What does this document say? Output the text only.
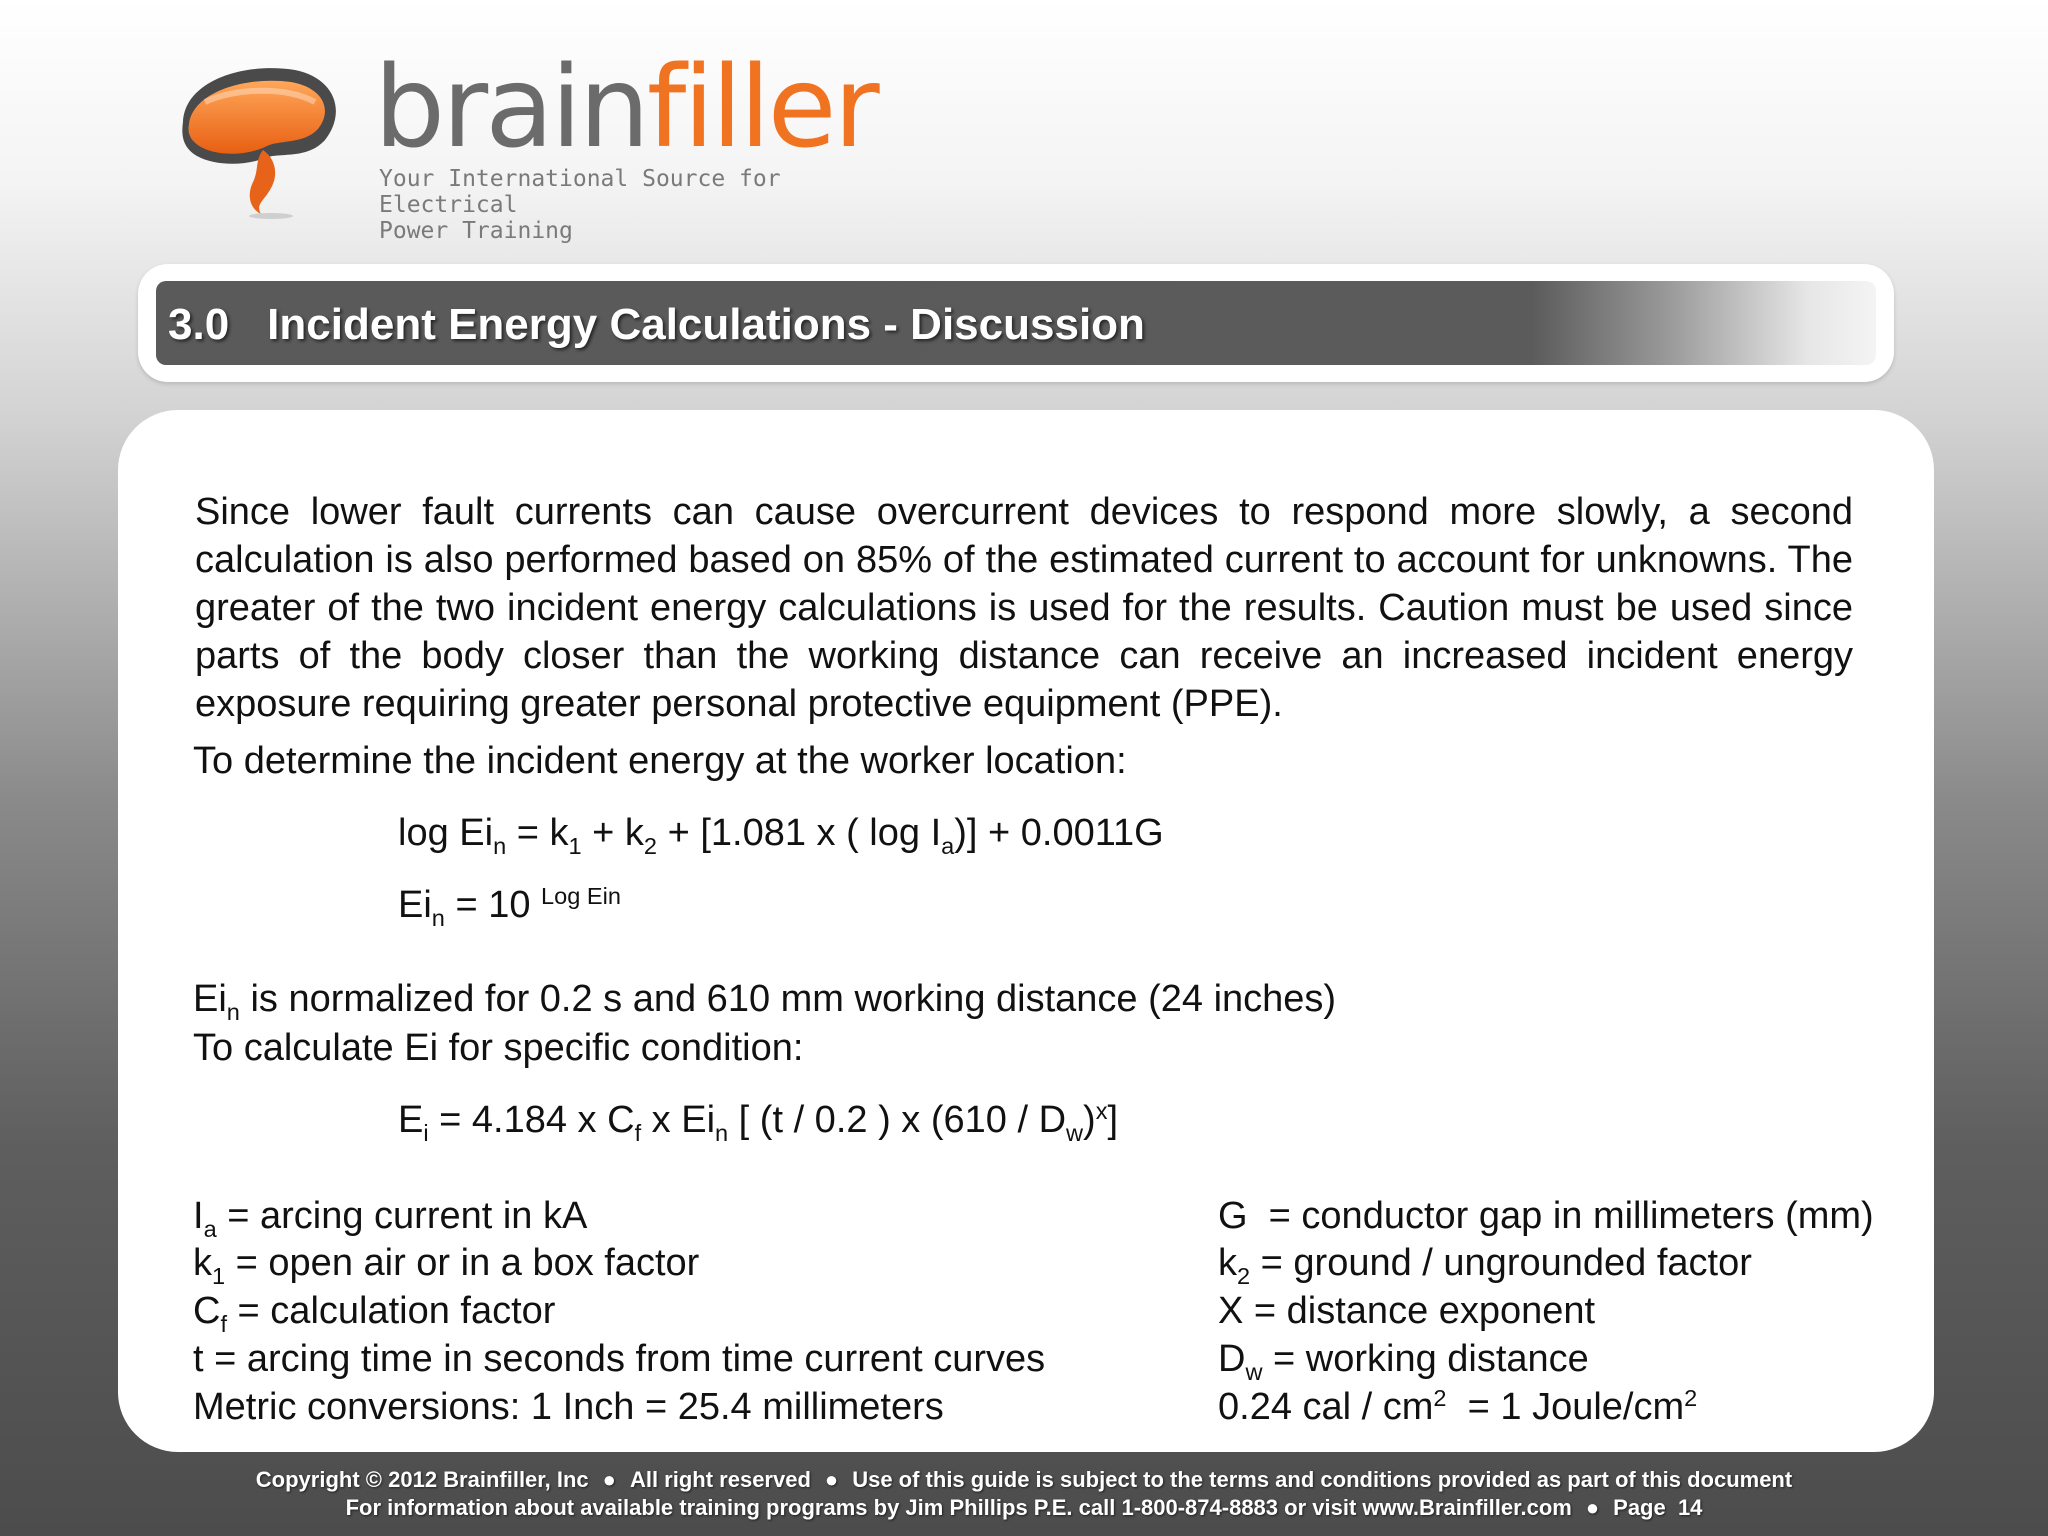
brainfiller
Your International Source for Electrical
Power Training
3.0 Incident Energy Calculations - Discussion

Since lower fault currents can cause overcurrent devices to respond more slowly, a second calculation is also performed based on 85% of the estimated current to account for unknowns. The greater of the two incident energy calculations is used for the results. Caution must be used since parts of the body closer than the working distance can receive an increased incident energy exposure requiring greater personal protective equipment (PPE).

To determine the incident energy at the worker location:

$\log Ei_n = k_1 + k_2 + [1.081$ x ( $\log I_a)] + 0.0011G$

$Ei_n = 10$ $^{Log Ein}$

$Ei_n$ is normalized for 0.2 s and 610 mm working distance (24 inches)

To calculate Ei for specific condition:

$E_i = 4.184$ x $C_f$ x $Ei_n$ [ (t / 0.2 ) x $(610 / D_w)^x$]

$I_a$ = arcing current in kA

$k_1$ = open air or in a box factor

$C_f$ = calculation factor

t = arcing time in seconds from time current curves

Metric conversions: 1 Inch = 25.4 millimeters

G  = conductor gap in millimeters (mm)

$k_2$ = ground / ungrounded factor

X = distance exponent

$D_w$ = working distance

0.24 cal / $cm^2 = 1$ Joule/$cm^2$

Copyright © 2012 Brainfiller, Inc ● All right reserved ● Use of this guide is subject to the terms and conditions provided as part of this document
For information about available training programs by Jim Phillips P.E. call 1-800-874-8883 or visit www.Brainfiller.com ● Page  14
